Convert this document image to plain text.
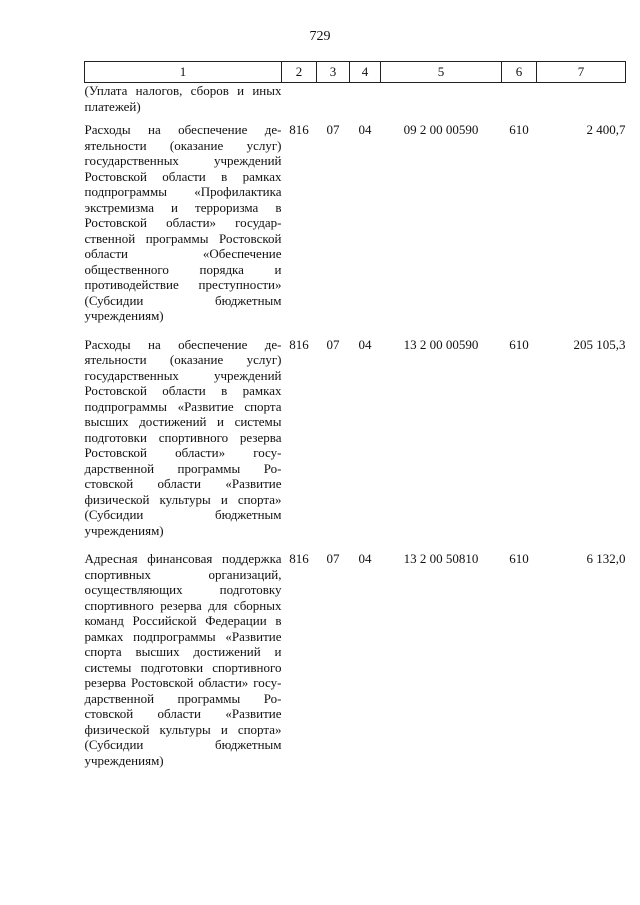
729
1	2	3	4	5	6	7
(Уплата налогов, сборов и иных платежей)						
Расходы на обеспечение деятельности (оказание услуг) государственных учреждений Ростовской области в рамках подпрограммы «Профилактика экстремизма и терроризма в Ростовской области» государственной программы Ростовской области «Обеспечение общественного порядка и противодействие преступности» (Субсидии бюджетным учреждениям)	816	07	04	09 2 00 00590	610	2 400,7
Расходы на обеспечение деятельности (оказание услуг) государственных учреждений Ростовской области в рамках подпрограммы «Развитие спорта высших достижений и системы подготовки спортивного резерва Ростовской области» государственной программы Ростовской области «Развитие физической культуры и спорта» (Субсидии бюджетным учреждениям)	816	07	04	13 2 00 00590	610	205 105,3
Адресная финансовая поддержка спортивных организаций, осуществляющих подготовку спортивного резерва для сборных команд Российской Федерации в рамках подпрограммы «Развитие спорта высших достижений и системы подготовки спортивного резерва Ростовской области» государственной программы Ростовской области «Развитие физической культуры и спорта» (Субсидии бюджетным учреждениям)	816	07	04	13 2 00 50810	610	6 132,0
